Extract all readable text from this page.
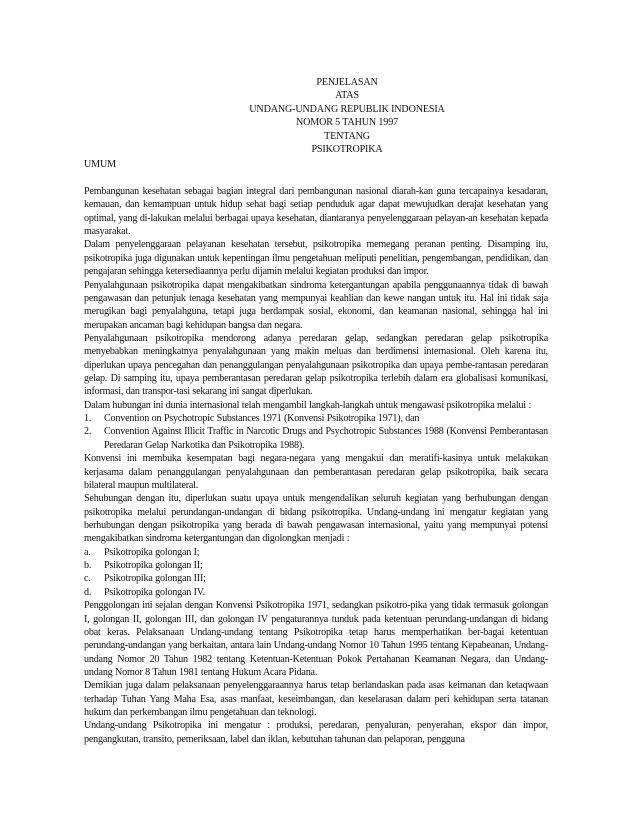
PENJELASAN
ATAS
UNDANG-UNDANG REPUBLIK INDONESIA
NOMOR 5 TAHUN 1997
TENTANG
PSIKOTROPIKA
UMUM

Pembangunan kesehatan sebagai bagian integral dari pembangunan nasional diarah-kan guna tercapainya kesadaran, kemauan, dan kemampuan untuk hidup sehat bagi setiap penduduk agar dapat mewujudkan derajat kesehatan yang optimal, yang di-lakukan melalui berbagai upaya kesehatan, diantaranya penyelenggaraan pelayan-an kesehatan kepada masyarakat.

Dalam penyelenggaraan pelayanan kesehatan tersebut, psikotropika memegang peranan penting. Disamping itu, psikotropika juga digunakan untuk kepentingan ilmu pengetahuan meliputi penelitian, pengembangan, pendidikan, dan pengajaran sehingga ketersediaannya perlu dijamin melalui kegiatan produksi dan impor.

Penyalahgunaan psikotropika dapat mengakibatkan sindroma ketergantungan apabila penggunaannya tidak di bawah pengawasan dan petunjuk tenaga kesehatan yang mempunyai keahlian dan kewe nangan untuk itu. Hal ini tidak saja merugikan bagi penyalahguna, tetapi juga berdampak sosial, ekonomi, dan keamanan nasional, sehingga hal ini merupakan ancaman bagi kehidupan bangsa dan negara.

Penyalahgunaan psikotropika mendorong adanya peredaran gelap, sedangkan peredaran gelap psikotropika menyebabkan meningkatnya penyalahgunaan yang makin meluas dan berdimensi internasional. Oleh karena itu, diperlukan upaya pencegahan dan penanggulangan penyalahgunaan psikotropika dan upaya pembe-rantasan peredaran gelap. Di samping itu, upaya pemberantasan peredaran gelap psikotropika terlebih dalam era globalisasi komunikasi, informasi, dan transpor-tasi sekarang ini sangat diperlukan.

Dalam hubungan ini dunia internasional telah mengambil langkah-langkah untuk mengawasi psikotropika melalui :

1.	Convention on Psychotropic Substances 1971 (Konvensi Psikotropika 1971), dan
2.	Convention Against Illicit Traffic in Narcotic Drugs and Psychotropic Substances 1988 (Konvensi Pemberantasan Peredaran Gelap Narkotika dan Psikotropika 1988).

Konvensi ini membuka kesempatan bagi negara-negara yang mengakui dan meratifi-kasinya untuk melakukan kerjasama dalam penanggulangan penyalahgunaan dan pemberantasan peredaran gelap psikotropika, baik secara bilateral maupun multilateral.

Sehubungan dengan itu, diperlukan suatu upaya untuk mengendalikan seluruh kegiatan yang berhubungan dengan psikotropika melalui perundangan-undangan di bidang psikotropika. Undang-undang ini mengatur kegiatan yang berhubungan dengan psikotropika yang berada di bawah pengawasan internasional, yaitu yang mempunyai potensi mengakibatkan sindroma ketergantungan dan digolongkan menjadi :

a.	Psikotropika golongan I;
b.	Psikotropika golongan II;
c.	Psikotropika golongan III;
d.	Psikotropika golongan IV.

Penggolongan ini sejalan dengan Konvensi Psikotropika 1971, sedangkan psikotro-pika yang tidak termasuk golongan I, golongan II, golongan III, dan golongan IV pengaturannya tunduk pada ketentuan perundang-undangan di bidang obat keras. Pelaksanaan Undang-undang tentang Psikotropika tetap harus memperhatikan ber-bagai ketentuan perundang-undangan yang berkaitan, antara lain Undang-undang Nomor 10 Tahun 1995 tentang Kepabeanan, Undang-undang Nomor 20 Tahun 1982 tentang Ketentuan-Ketentuan Pokok Pertahanan Keamanan Negara, dan Undang-undang Nomor 8 Tahun 1981 tentang Hukum Acara Pidana.

Demikian juga dalam pelaksanaan penyelenggaraannya harus tetap berlandaskan pada asas keimanan dan ketaqwaan terhadap Tuhan Yang Maha Esa, asas manfaat, keseimbangan, dan keselarasan dalam peri kehidupan serta tatanan hukum dan perkembangan ilmu pengetahuan dan teknologi.

Undang-undang Psikotropika ini mengatur : produksi, peredaran, penyaluran, penyerahan, ekspor dan impor, pengangkutan, transito, pemeriksaan, label dan iklan, kebutuhan tahunan dan pelaporan, pengguna
